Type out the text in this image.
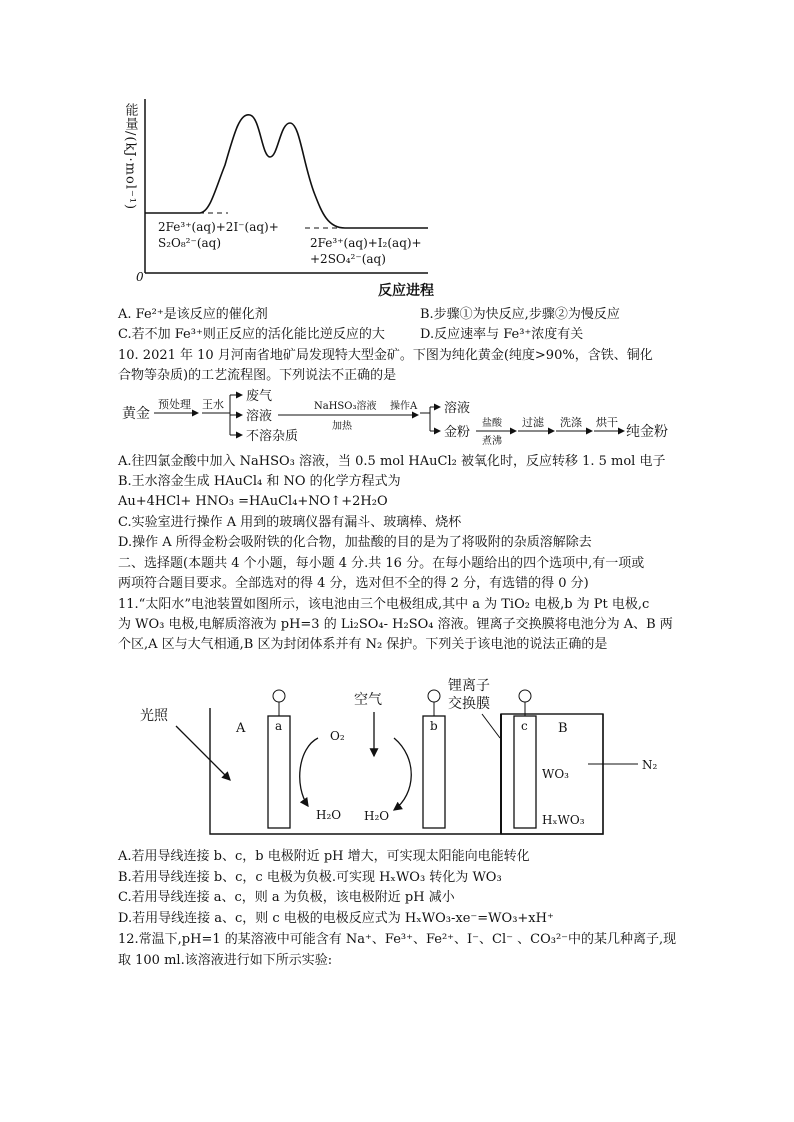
能量/(kJ·mol⁻¹)
0
反应进程
2Fe³⁺(aq)+2I⁻(aq)+
S₂O₈²⁻(aq)	2Fe³⁺(aq)+I₂(aq)+
+2SO₄²⁻(aq)
A. Fe²⁺是该反应的催化剂	B.步骤①为快反应,步骤②为慢反应
C.若不加 Fe³⁺则正反应的活化能比逆反应的大	D.反应速率与 Fe³⁺浓度有关
10. 2021 年 10 月河南省地矿局发现特大型金矿。下图为纯化黄金(纯度>90%，含铁、铜化
合物等杂质)的工艺流程图。下列说法不正确的是
黄金
预处理 王水
废气
溶液
不溶杂质
NaHSO₃溶液
加热
操作A 溶液
金粉
盐酸
煮沸
过滤 洗涤 烘干
纯金粉
A.往四氯金酸中加入 NaHSO₃ 溶液，当 0.5 mol HAuCl₂ 被氧化时，反应转移 1. 5 mol 电子
B.王水溶金生成 HAuCl₄ 和 NO 的化学方程式为
Au+4HCl+ HNO₃ =HAuCl₄+NO↑+2H₂O
C.实验室进行操作 A 用到的玻璃仪器有漏斗、玻璃棒、烧杯
D.操作 A 所得金粉会吸附铁的化合物，加盐酸的目的是为了将吸附的杂质溶解除去
二、选择题(本题共 4 个小题，每小题 4 分.共 16 分。在每小题给出的四个选项中,有一项或
两项符合题目要求。全部选对的得 4 分，选对但不全的得 2 分，有选错的得 0 分)
11.“太阳水”电池装置如图所示，该电池由三个电极组成,其中 a 为 TiO₂ 电极,b 为 Pt 电极,c
为 WO₃ 电极,电解质溶液为 pH=3 的 Li₂SO₄- H₂SO₄ 溶液。锂离子交换膜将电池分为 A、B 两
个区,A 区与大气相通,B 区为封闭体系并有 N₂ 保护。下列关于该电池的说法正确的是
a	b	c
光照
A	B
空气
锂离子
交换膜
O₂
H₂O H₂O
WO₃
HₓWO₃
N₂
A.若用导线连接 b、c，b 电极附近 pH 增大，可实现太阳能向电能转化
B.若用导线连接 b、c，c 电极为负极.可实现 HₓWO₃ 转化为 WO₃
C.若用导线连接 a、c，则 a 为负极，该电极附近 pH 减小
D.若用导线连接 a、c，则 c 电极的电极反应式为 HₓWO₃-xe⁻=WO₃+xH⁺
12.常温下,pH=1 的某溶液中可能含有 Na⁺、Fe³⁺、Fe²⁺、I⁻、Cl⁻ 、CO₃²⁻中的某几种离子,现
取 100 ml.该溶液进行如下所示实验:
